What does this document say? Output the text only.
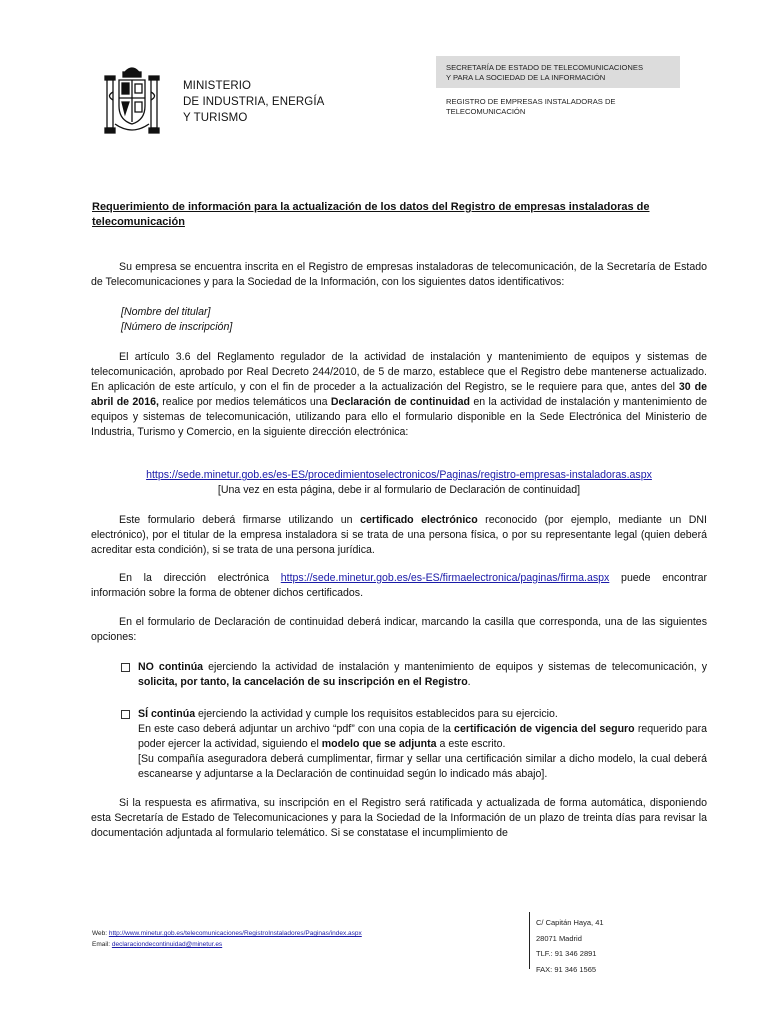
MINISTERIO
DE INDUSTRIA, ENERGÍA
Y TURISMO
SECRETARÍA DE ESTADO DE TELECOMUNICACIONES
Y PARA LA SOCIEDAD DE LA INFORMACIÓN
REGISTRO DE EMPRESAS INSTALADORAS DE
TELECOMUNICACIÓN
Requerimiento de información para la actualización de los datos del Registro de empresas instaladoras de telecomunicación
Su empresa se encuentra inscrita en el Registro de empresas instaladoras de telecomunicación, de la Secretaría de Estado de Telecomunicaciones y para la Sociedad de la Información, con los siguientes datos identificativos:
[Nombre del titular]
[Número de inscripción]
El artículo 3.6 del Reglamento regulador de la actividad de instalación y mantenimiento de equipos y sistemas de telecomunicación, aprobado por Real Decreto 244/2010, de 5 de marzo, establece que el Registro debe mantenerse actualizado. En aplicación de este artículo, y con el fin de proceder a la actualización del Registro, se le requiere para que, antes del 30 de abril de 2016, realice por medios telemáticos una Declaración de continuidad en la actividad de instalación y mantenimiento de equipos y sistemas de telecomunicación, utilizando para ello el formulario disponible en la Sede Electrónica del Ministerio de Industria, Turismo y Comercio, en la siguiente dirección electrónica:
https://sede.minetur.gob.es/es-ES/procedimientoselectronicos/Paginas/registro-empresas-instaladoras.aspx
[Una vez en esta página, debe ir al formulario de Declaración de continuidad]
Este formulario deberá firmarse utilizando un certificado electrónico reconocido (por ejemplo, mediante un DNI electrónico), por el titular de la empresa instaladora si se trata de una persona física, o por su representante legal (quien deberá acreditar esta condición), si se trata de una persona jurídica.
En la dirección electrónica https://sede.minetur.gob.es/es-ES/firmaelectronica/paginas/firma.aspx puede encontrar información sobre la forma de obtener dichos certificados.
En el formulario de Declaración de continuidad deberá indicar, marcando la casilla que corresponda, una de las siguientes opciones:
NO continúa ejerciendo la actividad de instalación y mantenimiento de equipos y sistemas de telecomunicación, y solicita, por tanto, la cancelación de su inscripción en el Registro.
SÍ continúa ejerciendo la actividad y cumple los requisitos establecidos para su ejercicio.
En este caso deberá adjuntar un archivo “pdf” con una copia de la certificación de vigencia del seguro requerido para poder ejercer la actividad, siguiendo el modelo que se adjunta a este escrito.
[Su compañía aseguradora deberá cumplimentar, firmar y sellar una certificación similar a dicho modelo, la cual deberá escanearse y adjuntarse a la Declaración de continuidad según lo indicado más abajo].
Si la respuesta es afirmativa, su inscripción en el Registro será ratificada y actualizada de forma automática, disponiendo esta Secretaría de Estado de Telecomunicaciones y para la Sociedad de la Información de un plazo de treinta días para revisar la documentación adjuntada al formulario telemático. Si se constatase el incumplimiento de
Web: http://www.minetur.gob.es/telecomunicaciones/RegistroInstaladores/Paginas/index.aspx
Email: declaraciondecontinuidad@minetur.es
C/ Capitán Haya, 41
28071 Madrid
TLF.: 91 346 2891
FAX: 91 346 1565
